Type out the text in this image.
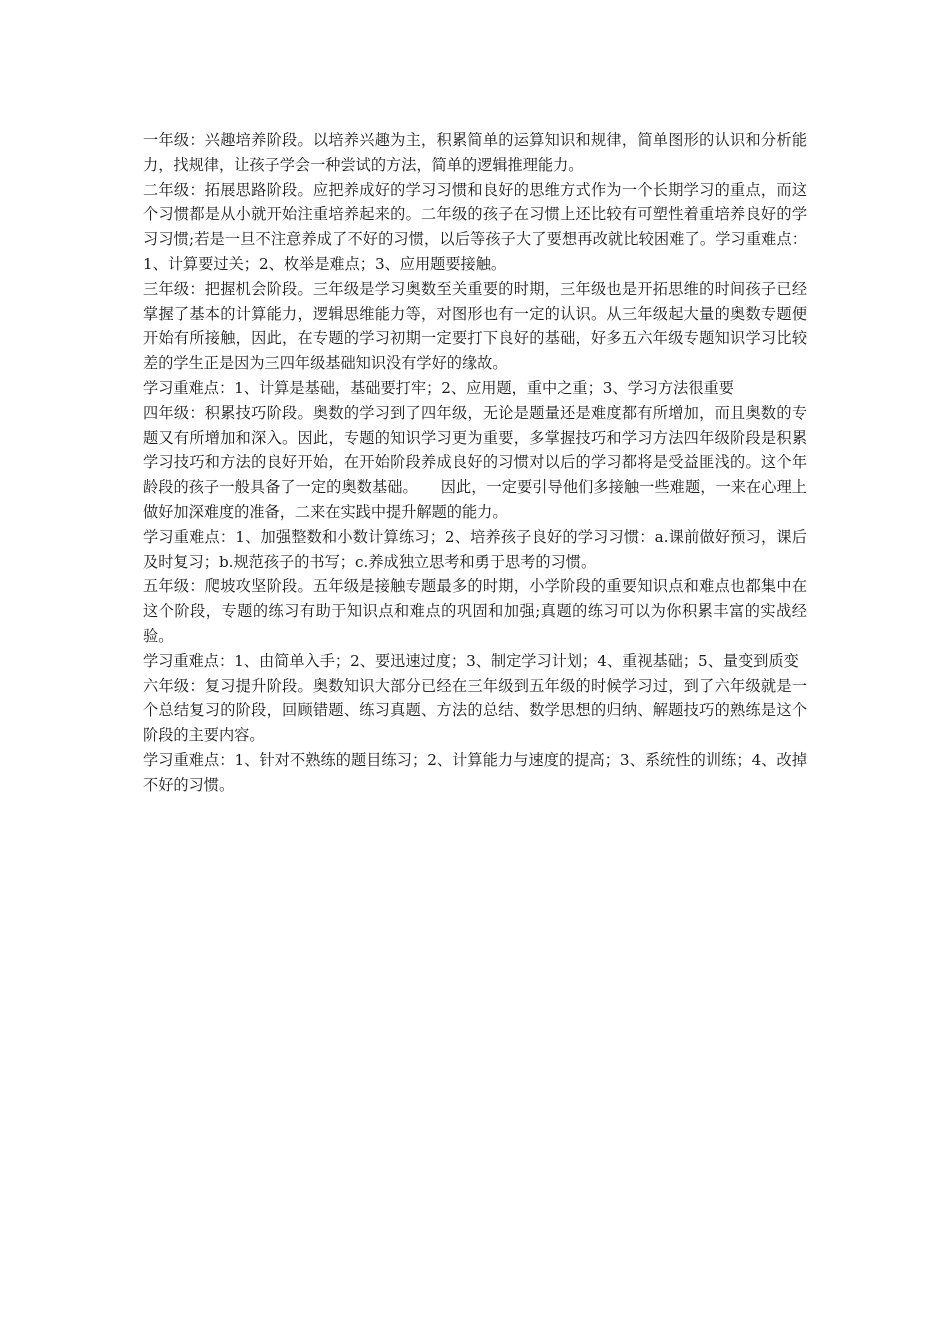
一年级：兴趣培养阶段。以培养兴趣为主，积累简单的运算知识和规律，简单图形的认识和分析能力，找规律，让孩子学会一种尝试的方法，简单的逻辑推理能力。

二年级：拓展思路阶段。应把养成好的学习习惯和良好的思维方式作为一个长期学习的重点，而这个习惯都是从小就开始注重培养起来的。二年级的孩子在习惯上还比较有可塑性着重培养良好的学习习惯;若是一旦不注意养成了不好的习惯，以后等孩子大了要想再改就比较困难了。学习重难点：1、计算要过关；2、枚举是难点；3、应用题要接触。

三年级：把握机会阶段。三年级是学习奥数至关重要的时期，三年级也是开拓思维的时间孩子已经掌握了基本的计算能力，逻辑思维能力等，对图形也有一定的认识。从三年级起大量的奥数专题便开始有所接触，因此，在专题的学习初期一定要打下良好的基础，好多五六年级专题知识学习比较差的学生正是因为三四年级基础知识没有学好的缘故。

学习重难点：1、计算是基础，基础要打牢；2、应用题，重中之重；3、学习方法很重要

四年级：积累技巧阶段。奥数的学习到了四年级，无论是题量还是难度都有所增加，而且奥数的专题又有所增加和深入。因此，专题的知识学习更为重要，多掌握技巧和学习方法四年级阶段是积累学习技巧和方法的良好开始，在开始阶段养成良好的习惯对以后的学习都将是受益匪浅的。这个年龄段的孩子一般具备了一定的奥数基础。　　因此，一定要引导他们多接触一些难题，一来在心理上做好加深难度的准备，二来在实践中提升解题的能力。

学习重难点：1、加强整数和小数计算练习；2、培养孩子良好的学习习惯：a.课前做好预习，课后及时复习；b.规范孩子的书写；c.养成独立思考和勇于思考的习惯。

五年级：爬坡攻坚阶段。五年级是接触专题最多的时期，小学阶段的重要知识点和难点也都集中在这个阶段，专题的练习有助于知识点和难点的巩固和加强;真题的练习可以为你积累丰富的实战经验。

学习重难点：1、由简单入手；2、要迅速过度；3、制定学习计划；4、重视基础；5、量变到质变

六年级：复习提升阶段。奥数知识大部分已经在三年级到五年级的时候学习过，到了六年级就是一个总结复习的阶段，回顾错题、练习真题、方法的总结、数学思想的归纳、解题技巧的熟练是这个阶段的主要内容。

学习重难点：1、针对不熟练的题目练习；2、计算能力与速度的提高；3、系统性的训练；4、改掉不好的习惯。
